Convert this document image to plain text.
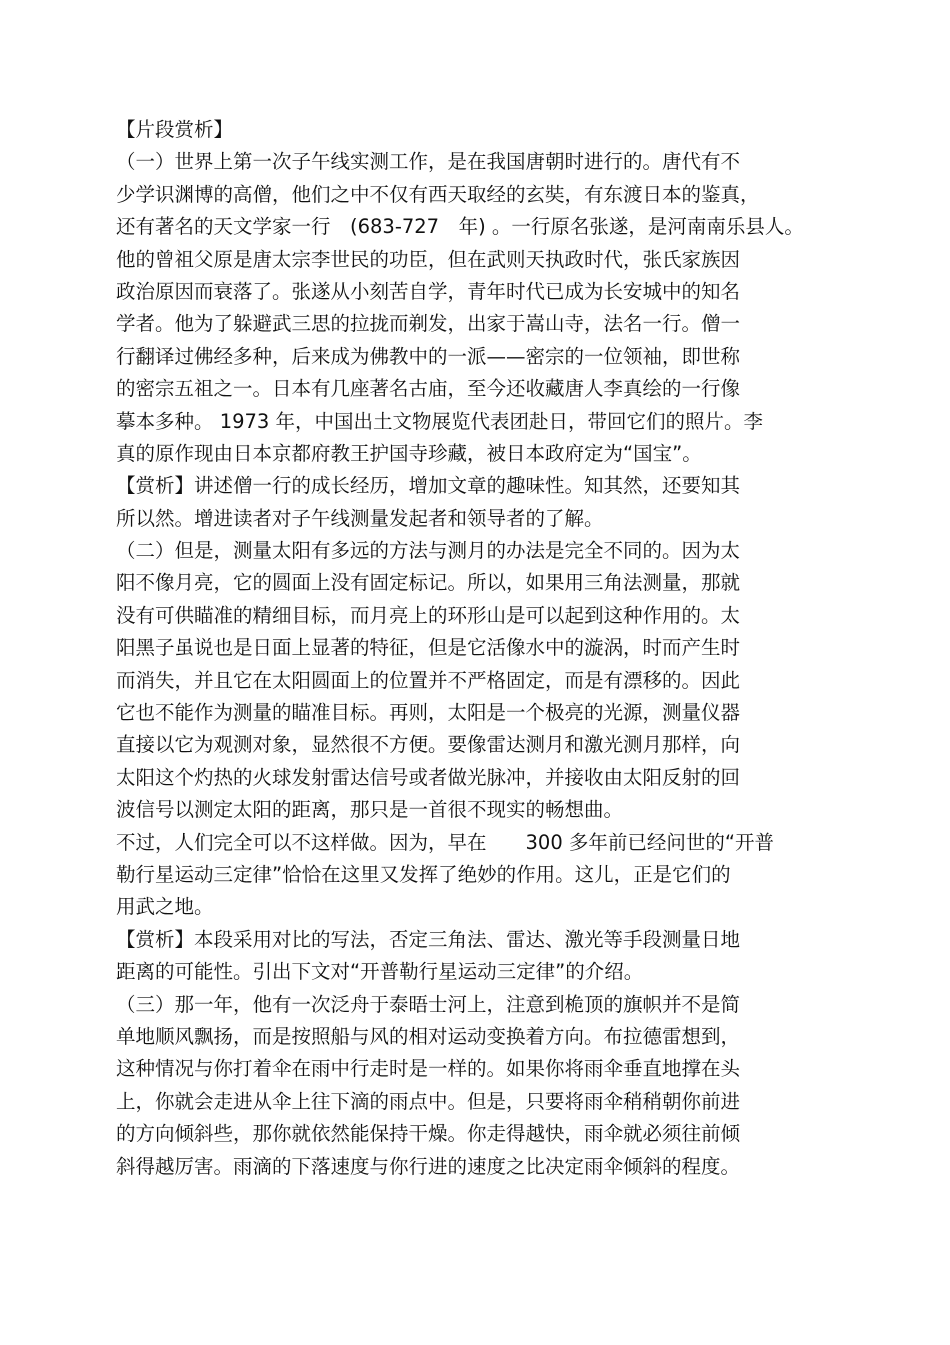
【片段赏析】
（一）世界上第一次子午线实测工作，是在我国唐朝时进行的。唐代有不
少学识渊博的高僧，他们之中不仅有西天取经的玄奘，有东渡日本的鉴真，
还有著名的天文学家一行　(683-727　年) 。一行原名张遂，是河南南乐县人。
他的曾祖父原是唐太宗李世民的功臣，但在武则天执政时代，张氏家族因
政治原因而衰落了。张遂从小刻苦自学，青年时代已成为长安城中的知名
学者。他为了躲避武三思的拉拢而剃发，出家于嵩山寺，法名一行。僧一
行翻译过佛经多种，后来成为佛教中的一派——密宗的一位领袖，即世称
的密宗五祖之一。日本有几座著名古庙，至今还收藏唐人李真绘的一行像
摹本多种。 1973 年，中国出土文物展览代表团赴日，带回它们的照片。李
真的原作现由日本京都府教王护国寺珍藏，被日本政府定为“国宝”。
【赏析】讲述僧一行的成长经历，增加文章的趣味性。知其然，还要知其
所以然。增进读者对子午线测量发起者和领导者的了解。
（二）但是，测量太阳有多远的方法与测月的办法是完全不同的。因为太
阳不像月亮，它的圆面上没有固定标记。所以，如果用三角法测量，那就
没有可供瞄准的精细目标，而月亮上的环形山是可以起到这种作用的。太
阳黑子虽说也是日面上显著的特征，但是它活像水中的漩涡，时而产生时
而消失，并且它在太阳圆面上的位置并不严格固定，而是有漂移的。因此
它也不能作为测量的瞄准目标。再则，太阳是一个极亮的光源，测量仪器
直接以它为观测对象，显然很不方便。要像雷达测月和激光测月那样，向
太阳这个灼热的火球发射雷达信号或者做光脉冲，并接收由太阳反射的回
波信号以测定太阳的距离，那只是一首很不现实的畅想曲。
不过，人们完全可以不这样做。因为，早在　　300 多年前已经问世的“开普
勒行星运动三定律”恰恰在这里又发挥了绝妙的作用。这儿，正是它们的
用武之地。
【赏析】本段采用对比的写法，否定三角法、雷达、激光等手段测量日地
距离的可能性。引出下文对“开普勒行星运动三定律”的介绍。
（三）那一年，他有一次泛舟于泰晤士河上，注意到桅顶的旗帜并不是简
单地顺风飘扬，而是按照船与风的相对运动变换着方向。布拉德雷想到，
这种情况与你打着伞在雨中行走时是一样的。如果你将雨伞垂直地撑在头
上，你就会走进从伞上往下滴的雨点中。但是，只要将雨伞稍稍朝你前进
的方向倾斜些，那你就依然能保持干燥。你走得越快，雨伞就必须往前倾
斜得越厉害。雨滴的下落速度与你行进的速度之比决定雨伞倾斜的程度。
